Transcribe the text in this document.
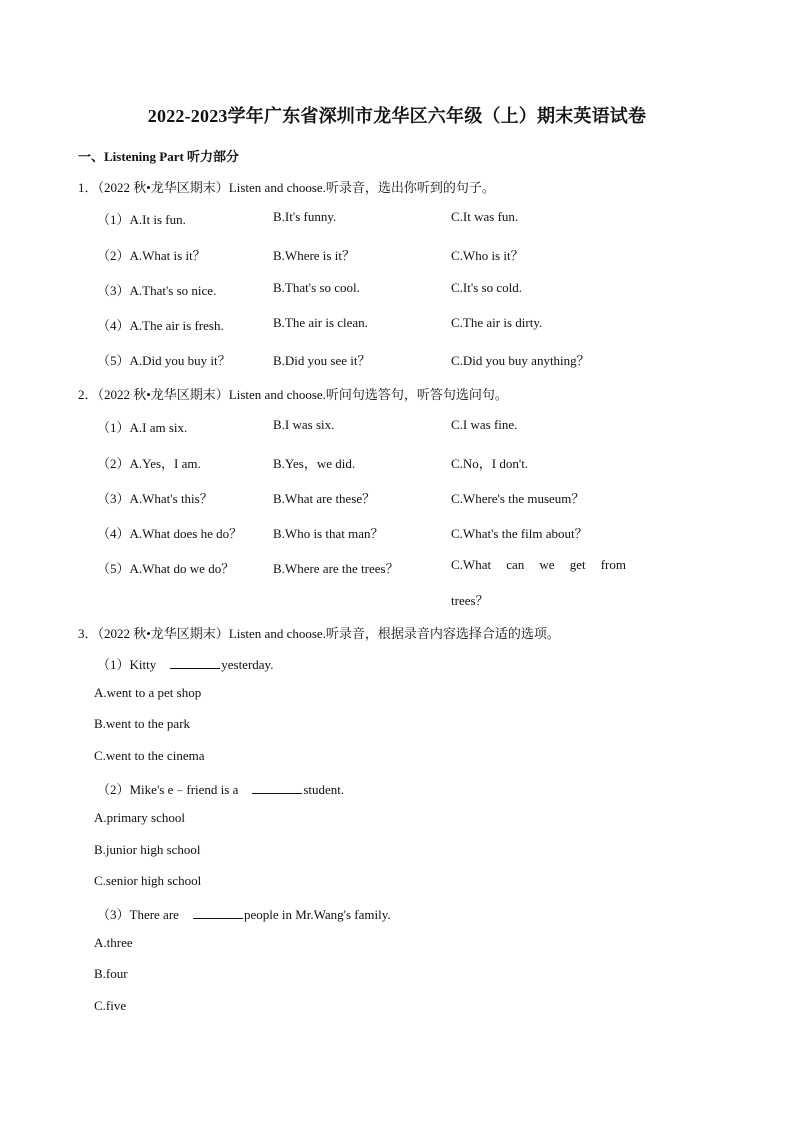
2022-2023学年广东省深圳市龙华区六年级（上）期末英语试卷
一、Listening Part 听力部分
1．（2022 秋•龙华区期末）Listen and choose.听录音，选出你听到的句子。
（1）A.It is fun.	B.It's funny.	C.It was fun.
（2）A.What is it？	B.Where is it？	C.Who is it？
（3）A.That's so nice.	B.That's so cool.	C.It's so cold.
（4）A.The air is fresh.	B.The air is clean.	C.The air is dirty.
（5）A.Did you buy it？	B.Did you see it？	C.Did you buy anything？
2．（2022 秋•龙华区期末）Listen and choose.听问句选答句，听答句选问句。
（1）A.I am six.	B.I was six.	C.I was fine.
（2）A.Yes，I am.	B.Yes，we did.	C.No，I don't.
（3）A.What's this？	B.What are these？	C.Where's the museum？
（4）A.What does he do？ B.Who is that man？	C.What's the film about？
（5）A.What do we do？	B.Where are the trees？	C.What can we get from
trees？
3．（2022 秋•龙华区期末）Listen and choose.听录音，根据录音内容选择合适的选项。
（1）Kitty	yesterday.
A.went to a pet shop
B.went to the park
C.went to the cinema
（2）Mike's e﹣friend is a	student.
A.primary school
B.junior high school
C.senior high school
（3）There are	people in Mr.Wang's family.
A.three
B.four
C.five
